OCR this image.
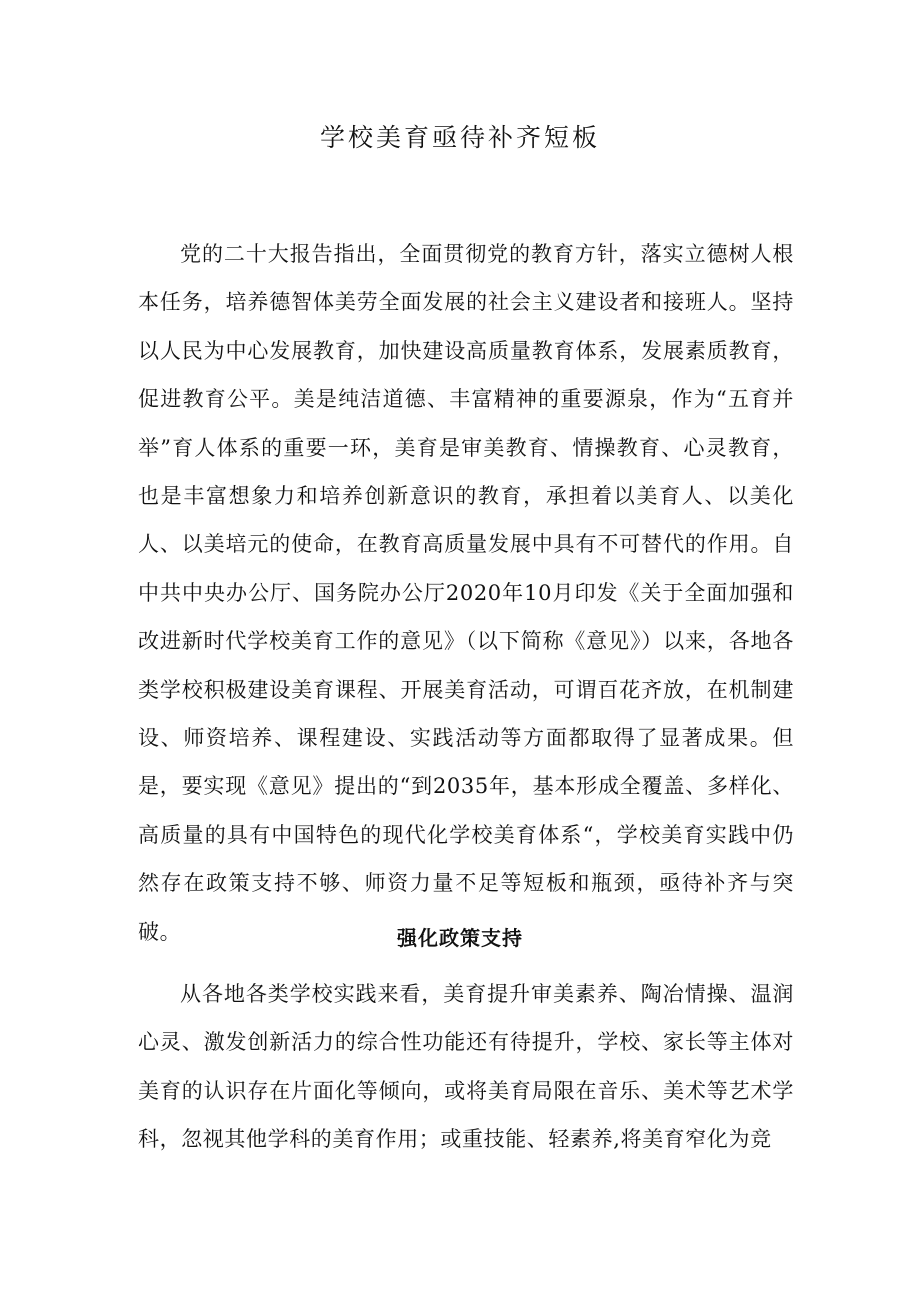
学校美育亟待补齐短板

党的二十大报告指出，全面贯彻党的教育方针，落实立德树人根本任务，培养德智体美劳全面发展的社会主义建设者和接班人。坚持以人民为中心发展教育，加快建设高质量教育体系，发展素质教育，促进教育公平。美是纯洁道德、丰富精神的重要源泉，作为“五育并举”育人体系的重要一环，美育是审美教育、情操教育、心灵教育，也是丰富想象力和培养创新意识的教育，承担着以美育人、以美化人、以美培元的使命，在教育高质量发展中具有不可替代的作用。自中共中央办公厅、国务院办公厅2020年10月印发《关于全面加强和改进新时代学校美育工作的意见》（以下简称《意见》）以来，各地各类学校积极建设美育课程、开展美育活动，可谓百花齐放，在机制建设、师资培养、课程建设、实践活动等方面都取得了显著成果。但是，要实现《意见》提出的“到2035年，基本形成全覆盖、多样化、高质量的具有中国特色的现代化学校美育体系“，学校美育实践中仍然存在政策支持不够、师资力量不足等短板和瓶颈，亟待补齐与突破。	强化政策支持

从各地各类学校实践来看，美育提升审美素养、陶冶情操、温润心灵、激发创新活力的综合性功能还有待提升，学校、家长等主体对美育的认识存在片面化等倾向，或将美育局限在音乐、美术等艺术学科，忽视其他学科的美育作用；或重技能、轻素养,将美育窄化为竞
